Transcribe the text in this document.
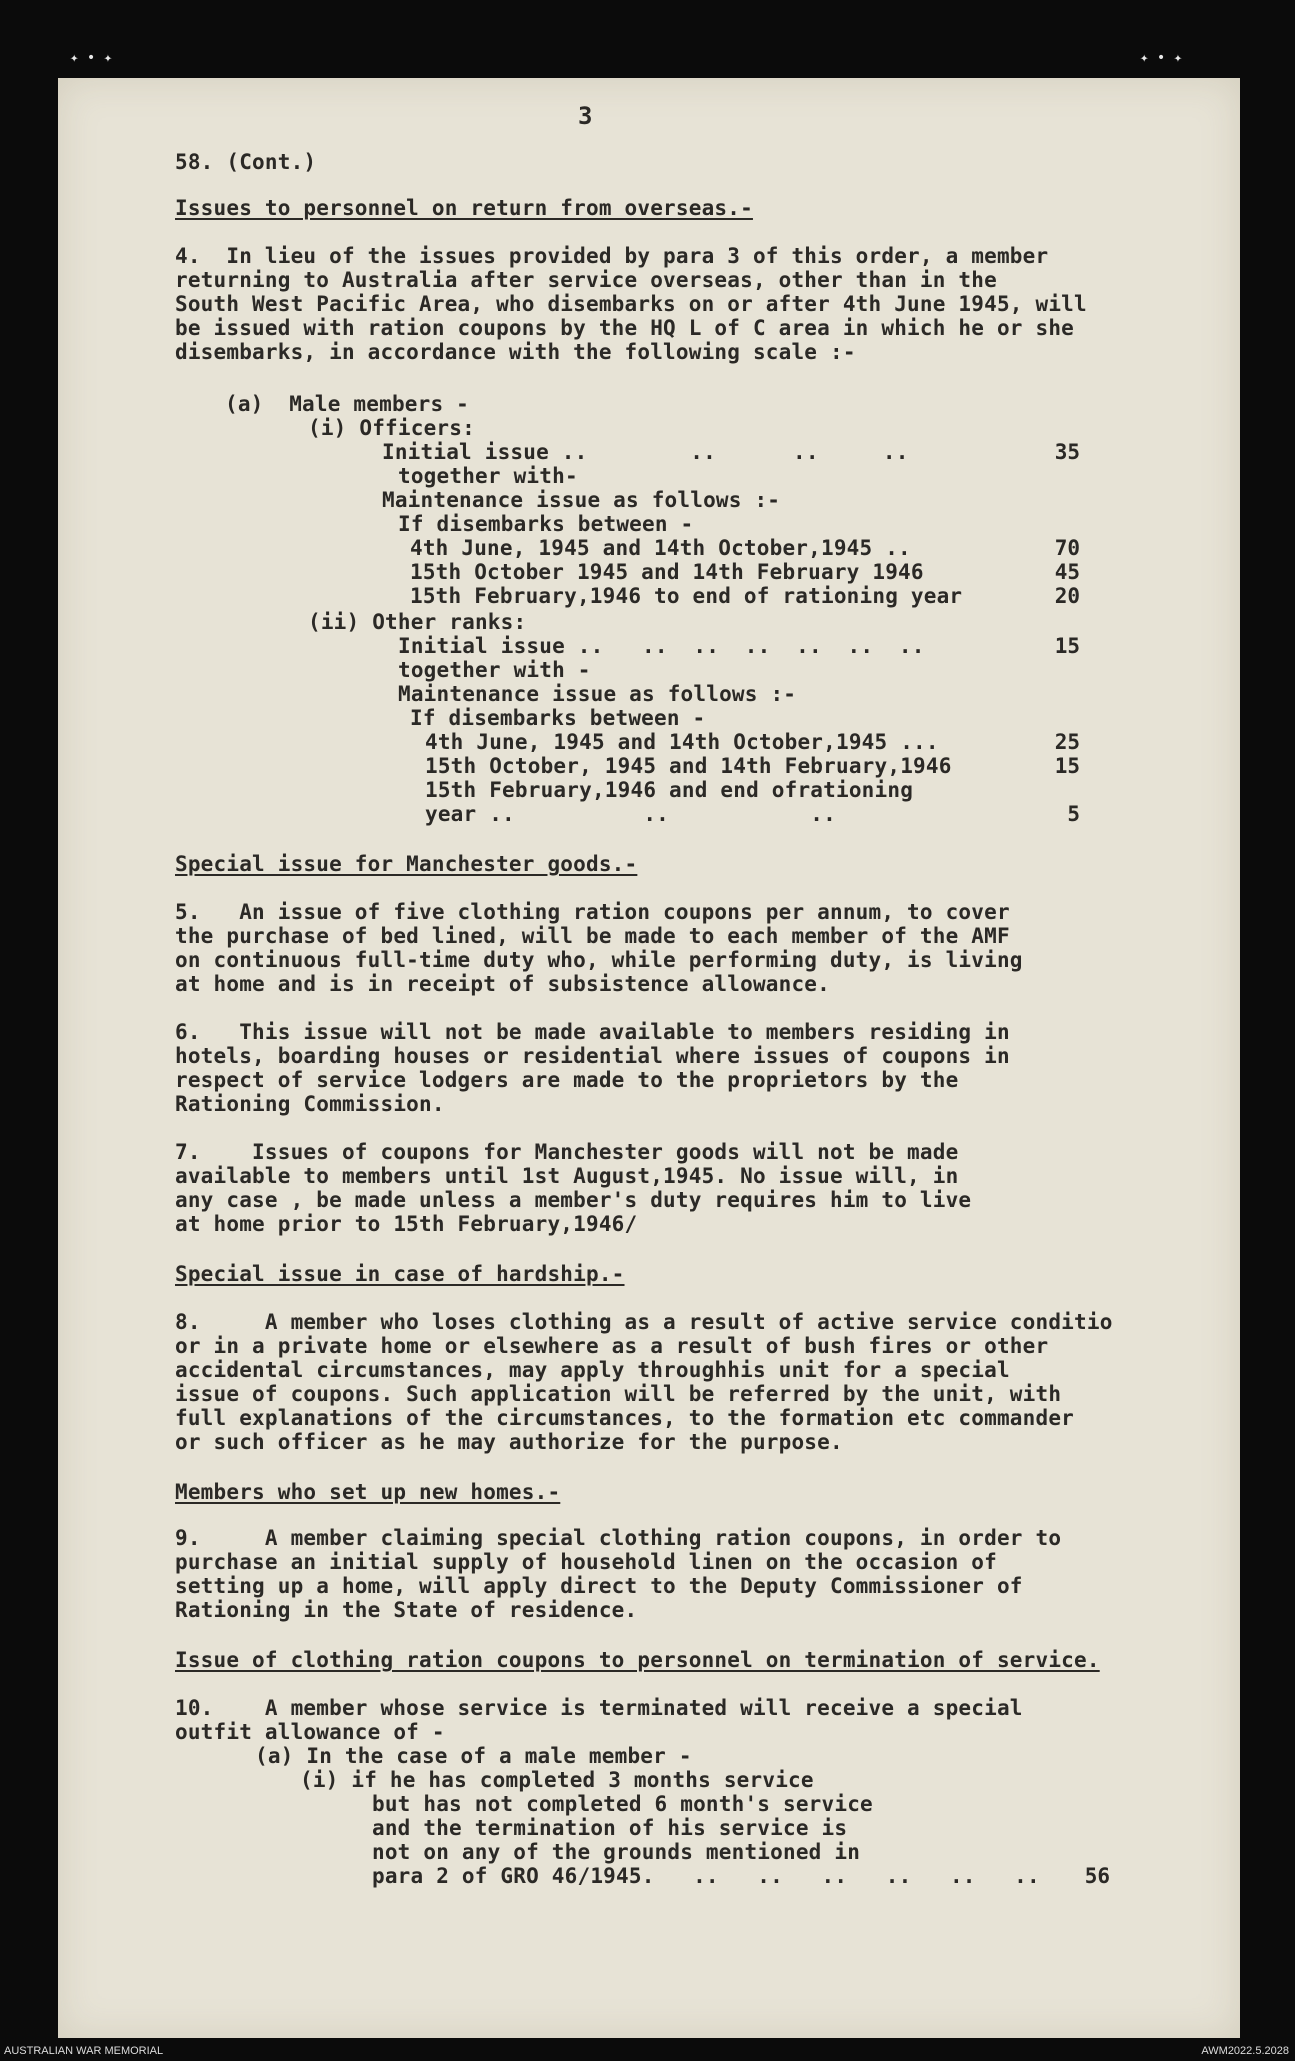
✦ • ✦	✦ • ✦
3
58. (Cont.)
Issues to personnel on return from overseas.-
4.  In lieu of the issues provided by para 3 of this order, a member
returning to Australia after service overseas, other than in the
South West Pacific Area, who disembarks on or after 4th June 1945, will
be issued with ration coupons by the HQ L of C area in which he or she
disembarks, in accordance with the following scale :-
(a)  Male members -
(i) Officers:
Initial issue ..        ..      ..     ..	35
together with-
Maintenance issue as follows :-
If disembarks between -
4th June, 1945 and 14th October,1945 ..	70
15th October 1945 and 14th February 1946	45
15th February,1946 to end of rationing year	20
(ii) Other ranks:
Initial issue ..   ..  ..  ..  ..  ..  ..	15
together with -
Maintenance issue as follows :-
If disembarks between -
4th June, 1945 and 14th October,1945 ...	25
15th October, 1945 and 14th February,1946	15
15th February,1946 and end ofrationing
year ..          ..           ..	5
Special issue for Manchester goods.-
5.   An issue of five clothing ration coupons per annum, to cover
the purchase of bed lined, will be made to each member of the AMF
on continuous full-time duty who, while performing duty, is living
at home and is in receipt of subsistence allowance.
6.   This issue will not be made available to members residing in
hotels, boarding houses or residential where issues of coupons in
respect of service lodgers are made to the proprietors by the
Rationing Commission.
7.    Issues of coupons for Manchester goods will not be made
available to members until 1st August,1945. No issue will, in
any case , be made unless a member's duty requires him to live
at home prior to 15th February,1946/
Special issue in case of hardship.-
8.     A member who loses clothing as a result of active service conditio
or in a private home or elsewhere as a result of bush fires or other
accidental circumstances, may apply throughhis unit for a special
issue of coupons. Such application will be referred by the unit, with
full explanations of the circumstances, to the formation etc commander
or such officer as he may authorize for the purpose.
Members who set up new homes.-
9.     A member claiming special clothing ration coupons, in order to
purchase an initial supply of household linen on the occasion of
setting up a home, will apply direct to the Deputy Commissioner of
Rationing in the State of residence.
Issue of clothing ration coupons to personnel on termination of service.
10.    A member whose service is terminated will receive a special
outfit allowance of -
(a) In the case of a male member -
(i) if he has completed 3 months service
but has not completed 6 month's service
and the termination of his service is
not on any of the grounds mentioned in
para 2 of GRO 46/1945.   ..   ..   ..   ..   ..   ..	56
AUSTRALIAN WAR MEMORIAL	AWM2022.5.2028
